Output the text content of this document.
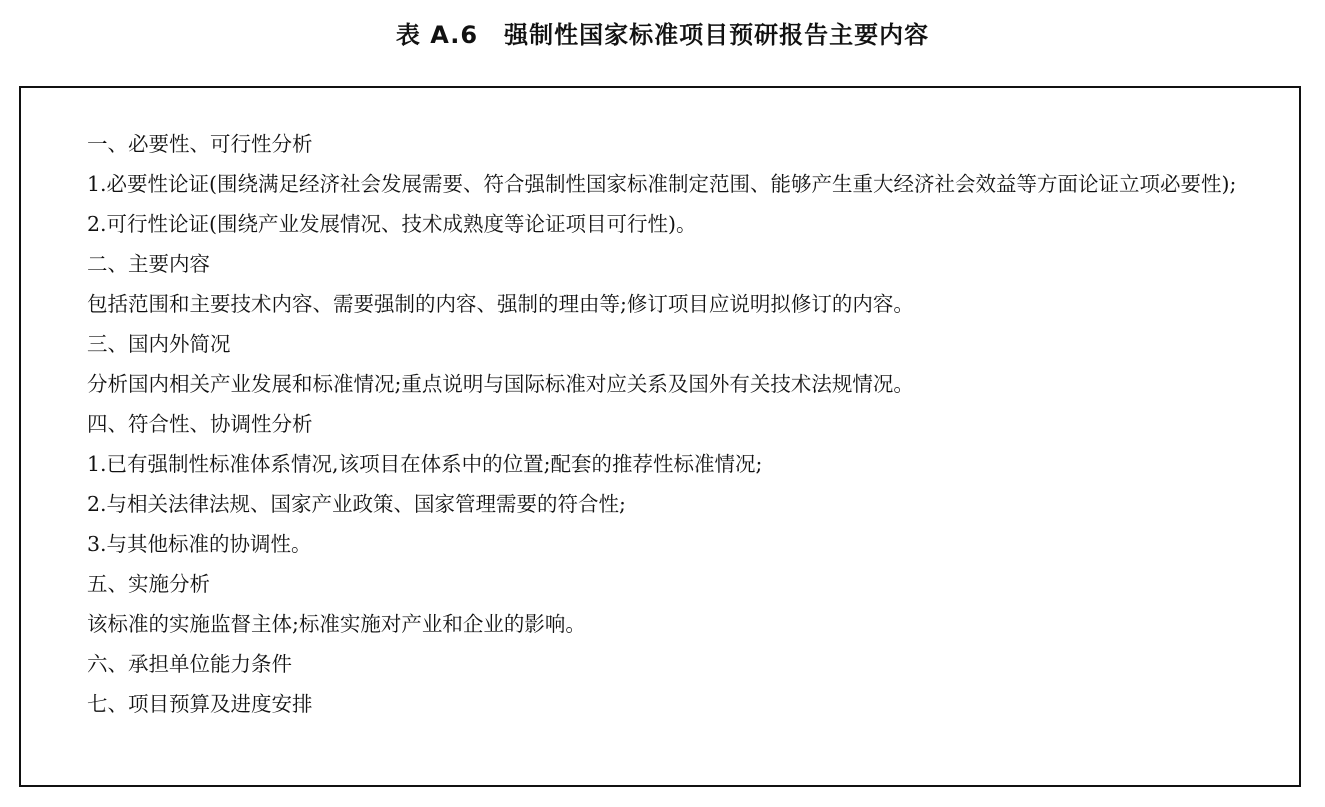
表 A.6 强制性国家标准项目预研报告主要内容
一、必要性、可行性分析
1.必要性论证(围绕满足经济社会发展需要、符合强制性国家标准制定范围、能够产生重大经济社会效益等方面论证立项必要性);
2.可行性论证(围绕产业发展情况、技术成熟度等论证项目可行性)。
二、主要内容
包括范围和主要技术内容、需要强制的内容、强制的理由等;修订项目应说明拟修订的内容。
三、国内外简况
分析国内相关产业发展和标准情况;重点说明与国际标准对应关系及国外有关技术法规情况。
四、符合性、协调性分析
1.已有强制性标准体系情况,该项目在体系中的位置;配套的推荐性标准情况;
2.与相关法律法规、国家产业政策、国家管理需要的符合性;
3.与其他标准的协调性。
五、实施分析
该标准的实施监督主体;标准实施对产业和企业的影响。
六、承担单位能力条件
七、项目预算及进度安排
